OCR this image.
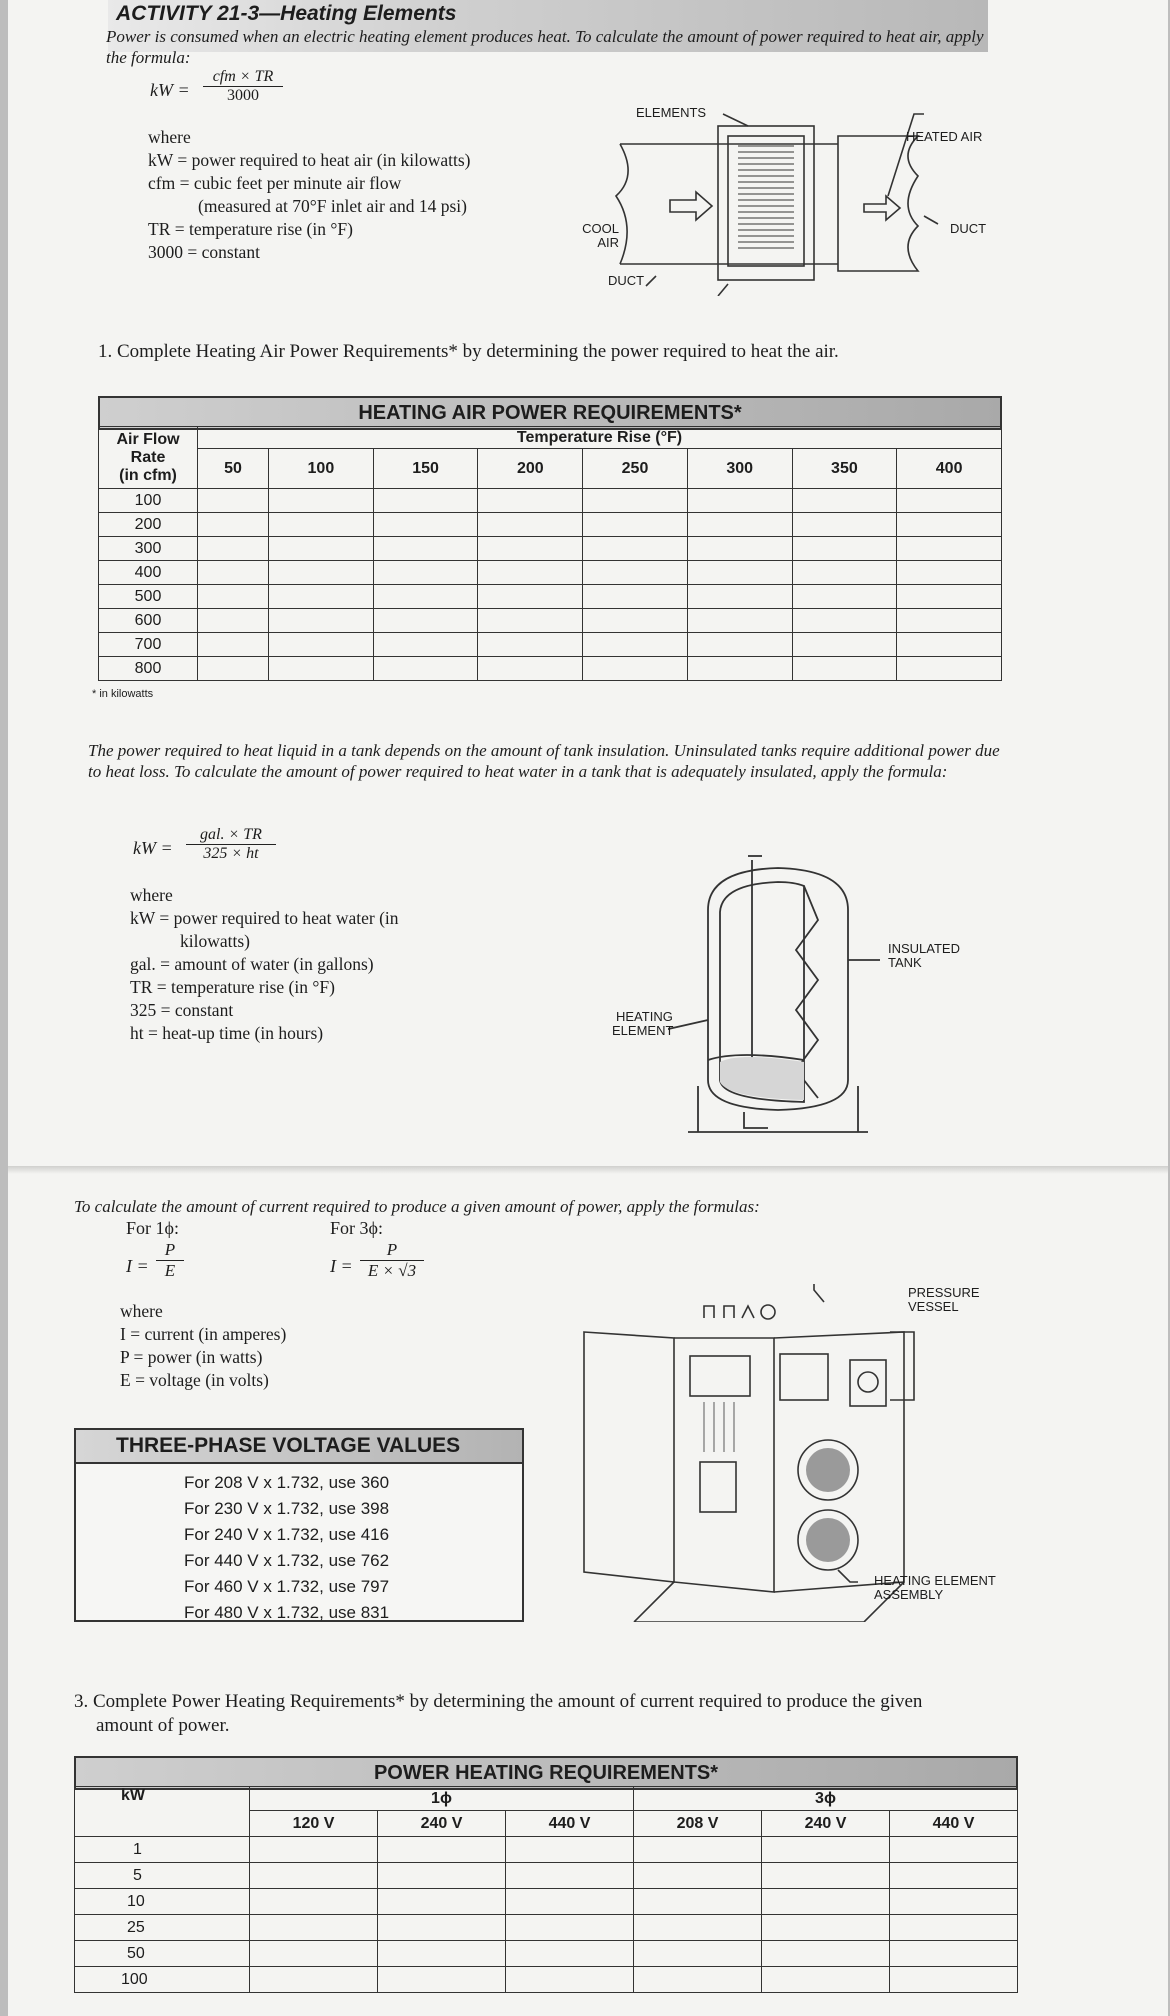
ACTIVITY 21-3—Heating Elements
Power is consumed when an electric heating element produces heat. To calculate the amount of power required to heat air, apply the formula:
kW =
cfm × TR
3000
where
kW = power required to heat air (in kilowatts)
cfm = cubic feet per minute air flow
(measured at 70°F inlet air and 14 psi)
TR = temperature rise (in °F)
3000 = constant
ELEMENTS
HEATED AIR
COOL
AIR
DUCT
DUCT
1. Complete Heating Air Power Requirements* by determining the power required to heat the air.
HEATING AIR POWER REQUIREMENTS*
Air Flow
Rate
(in cfm)	Temperature Rise (°F)							
	50	100	150	200	250	300	350	400
100								
200								
300								
400								
500								
600								
700								
800								
* in kilowatts
The power required to heat liquid in a tank depends on the amount of tank insulation. Uninsulated tanks require additional power due to heat loss. To calculate the amount of power required to heat water in a tank that is adequately insulated, apply the formula:
kW =
gal. × TR
325 × ht
where
kW = power required to heat water (in
kilowatts)
gal. = amount of water (in gallons)
TR = temperature rise (in °F)
325 = constant
ht = heat-up time (in hours)
INSULATED
TANK
HEATING
ELEMENT
To calculate the amount of current required to produce a given amount of power, apply the formulas:
For 1ϕ:	For 3ϕ:
$I = \frac{P}{E}$	$I = \frac{P}{E \times √3}$
where
I = current (in amperes)
P = power (in watts)
E = voltage (in volts)
THREE-PHASE VOLTAGE VALUES
For 208 V x 1.732, use 360
For 230 V x 1.732, use 398
For 240 V x 1.732, use 416
For 440 V x 1.732, use 762
For 460 V x 1.732, use 797
For 480 V x 1.732, use 831
PRESSURE
VESSEL
HEATING ELEMENT
ASSEMBLY
3. Complete Power Heating Requirements* by determining the amount of current required to produce the given
amount of power.
POWER HEATING REQUIREMENTS*
kW	1ϕ			3ϕ		
	120 V	240 V	440 V	208 V	240 V	440 V
1						
5						
10						
25						
50						
100						
